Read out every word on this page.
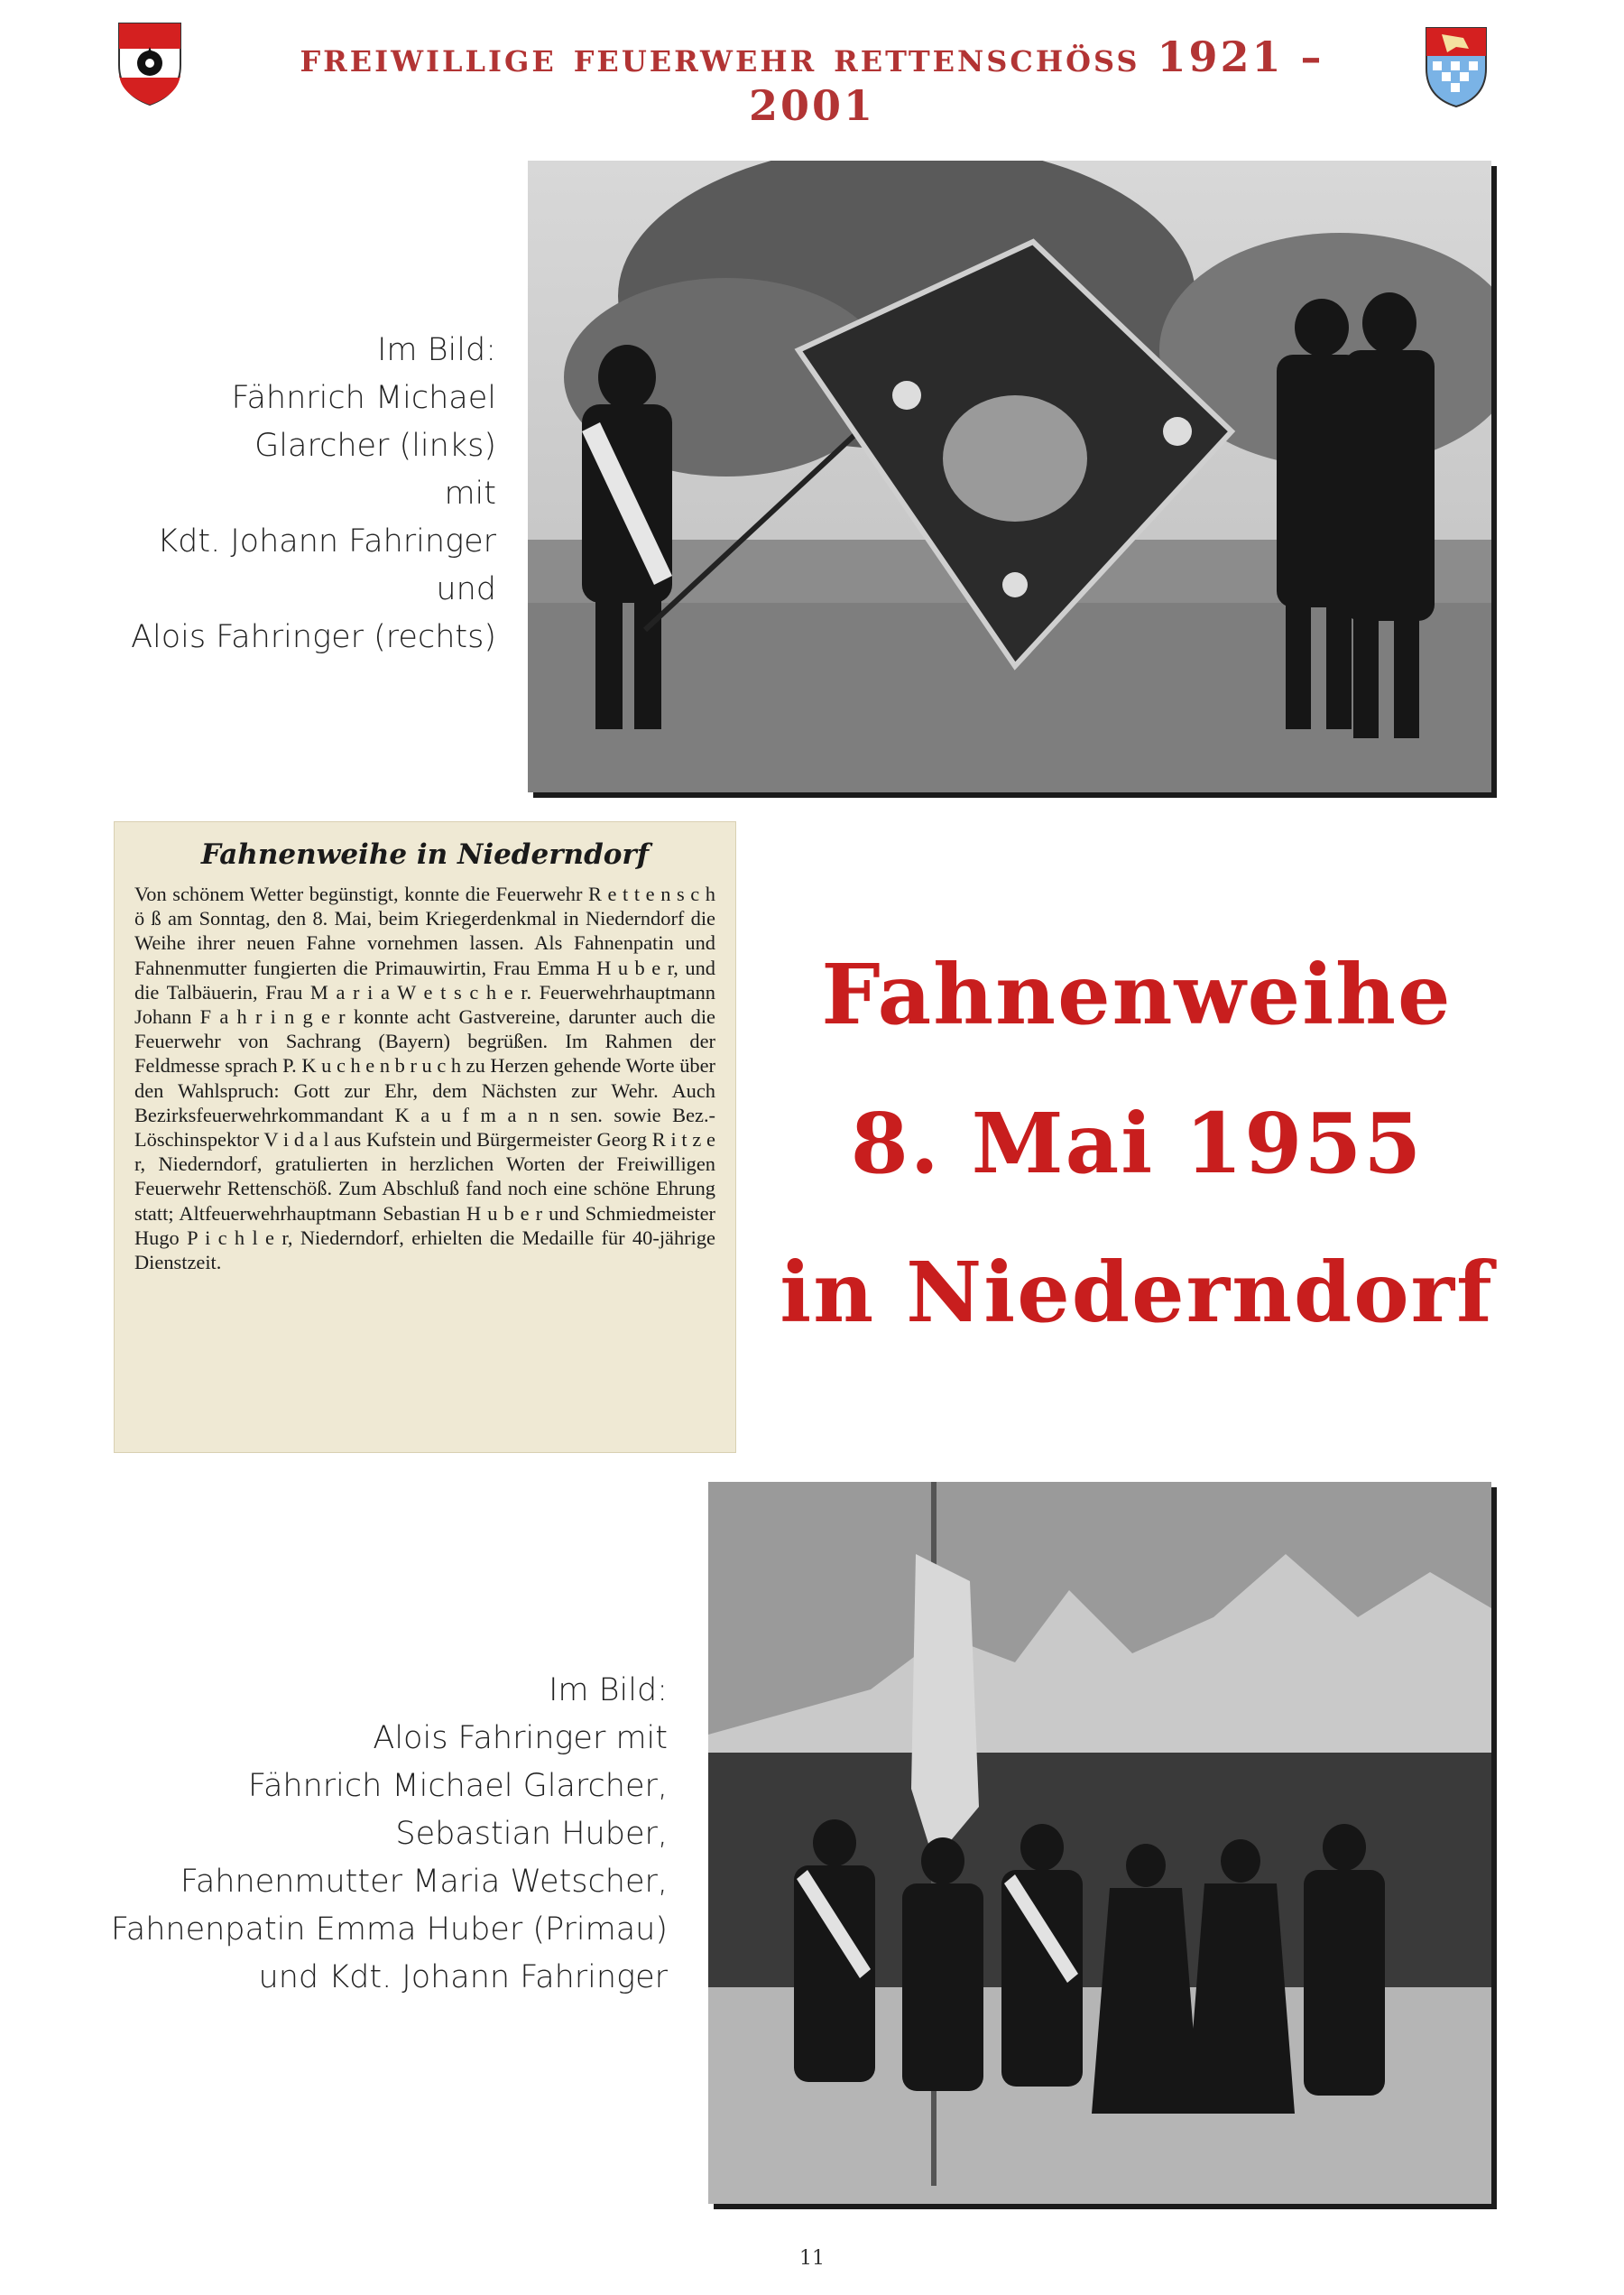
freiwillige feuerwehr rettenschöss 1921 – 2001
Im Bild:
Fähnrich Michael
Glarcher (links)
mit
Kdt. Johann Fahringer
und
Alois Fahringer (rechts)
Fahnenweihe in Niederndorf
Von schönem Wetter begünstigt, konnte die Feuerwehr R e t t e n s c h ö ß am Sonntag, den 8. Mai, beim Kriegerdenkmal in Niederndorf die Weihe ihrer neuen Fahne vornehmen lassen. Als Fahnenpatin und Fahnenmutter fungierten die Primauwirtin, Frau Emma H u b e r, und die Talbäuerin, Frau M a r i a W e t s c h e r. Feuerwehrhauptmann Johann F a h r i n g e r konnte acht Gastvereine, darunter auch die Feuerwehr von Sachrang (Bayern) begrüßen. Im Rahmen der Feldmesse sprach P. K u c h e n b r u c h zu Herzen gehende Worte über den Wahlspruch: Gott zur Ehr, dem Nächsten zur Wehr. Auch Bezirksfeuerwehrkommandant K a u f m a n n sen. sowie Bez.-Löschinspektor V i d a l aus Kufstein und Bürgermeister Georg R i t z e r, Niederndorf, gratulierten in herzlichen Worten der Freiwilligen Feuerwehr Rettenschöß. Zum Abschluß fand noch eine schöne Ehrung statt; Altfeuerwehrhauptmann Sebastian H u b e r und Schmiedmeister Hugo P i c h l e r, Niederndorf, erhielten die Medaille für 40-jährige Dienstzeit.
Fahnenweihe
8. Mai 1955
in Niederndorf
Im Bild:
Alois Fahringer mit
Fähnrich Michael Glarcher,
Sebastian Huber,
Fahnenmutter Maria Wetscher,
Fahnenpatin Emma Huber (Primau)
und Kdt. Johann Fahringer
11
